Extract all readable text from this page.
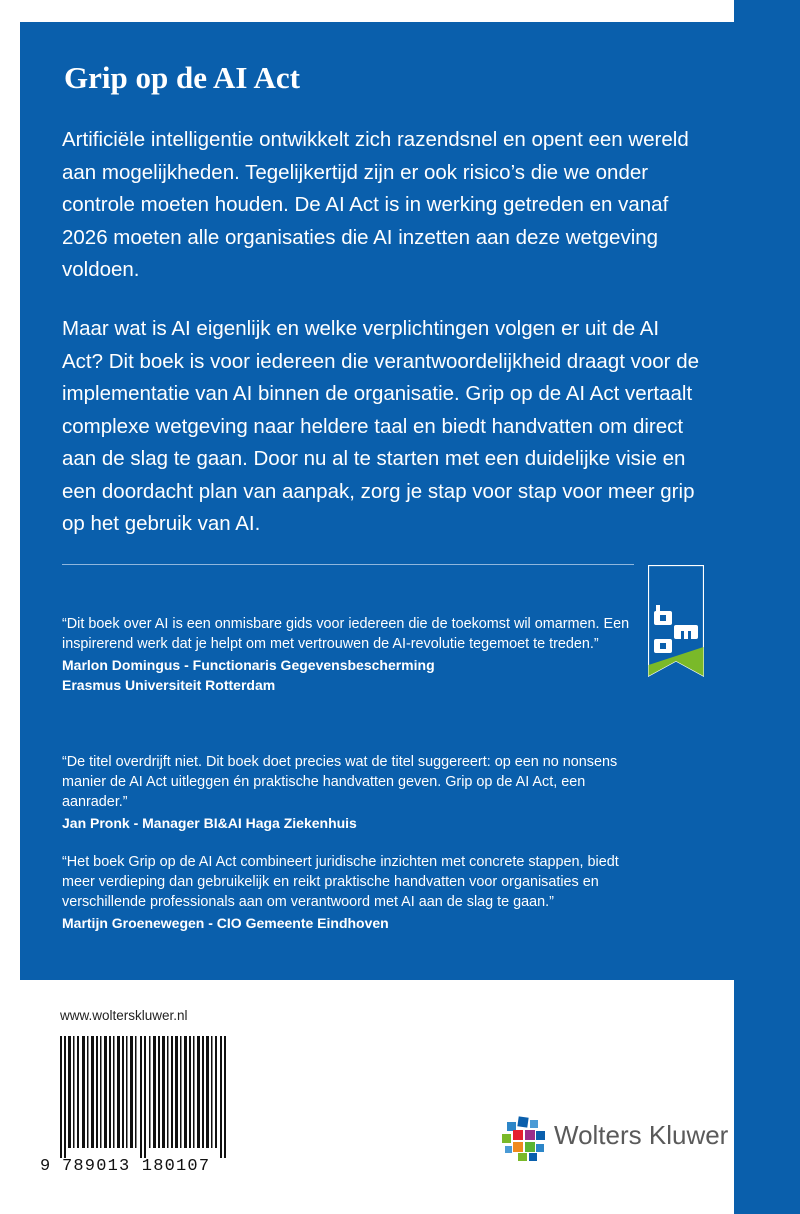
Grip op de AI Act

Artificiële intelligentie ontwikkelt zich razendsnel en opent een wereld aan mogelijkheden. Tegelijkertijd zijn er ook risico’s die we onder controle moeten houden. De AI Act is in werking getreden en vanaf 2026 moeten alle organisaties die AI inzetten aan deze wetgeving voldoen.

Maar wat is AI eigenlijk en welke verplichtingen volgen er uit de AI Act? Dit boek is voor iedereen die verantwoordelijkheid draagt voor de implementatie van AI binnen de organisatie. Grip op de AI Act vertaalt complexe wetgeving naar heldere taal en biedt handvatten om direct aan de slag te gaan. Door nu al te starten met een duidelijke visie en een doordacht plan van aanpak, zorg je stap voor stap voor meer grip op het gebruik van AI.

“Dit boek over AI is een onmisbare gids voor iedereen die de toekomst wil omarmen. Een inspirerend werk dat je helpt om met vertrouwen de AI-revolutie tegemoet te treden.”

Marlon Domingus - Functionaris Gegevensbescherming

Erasmus Universiteit Rotterdam

“De titel overdrijft niet. Dit boek doet precies wat de titel suggereert: op een no nonsens manier de AI Act uitleggen én praktische handvatten geven. Grip op de AI Act, een aanrader.”

Jan Pronk - Manager BI&AI Haga Ziekenhuis

“Het boek Grip op de AI Act combineert juridische inzichten met concrete stappen, biedt meer verdieping dan gebruikelijk en reikt praktische handvatten voor organisaties en verschillende professionals aan om verantwoord met AI aan de slag te gaan.”

Martijn Groenewegen - CIO Gemeente Eindhoven

www.wolterskluwer.nl

9 789013 180107

Wolters Kluwer
